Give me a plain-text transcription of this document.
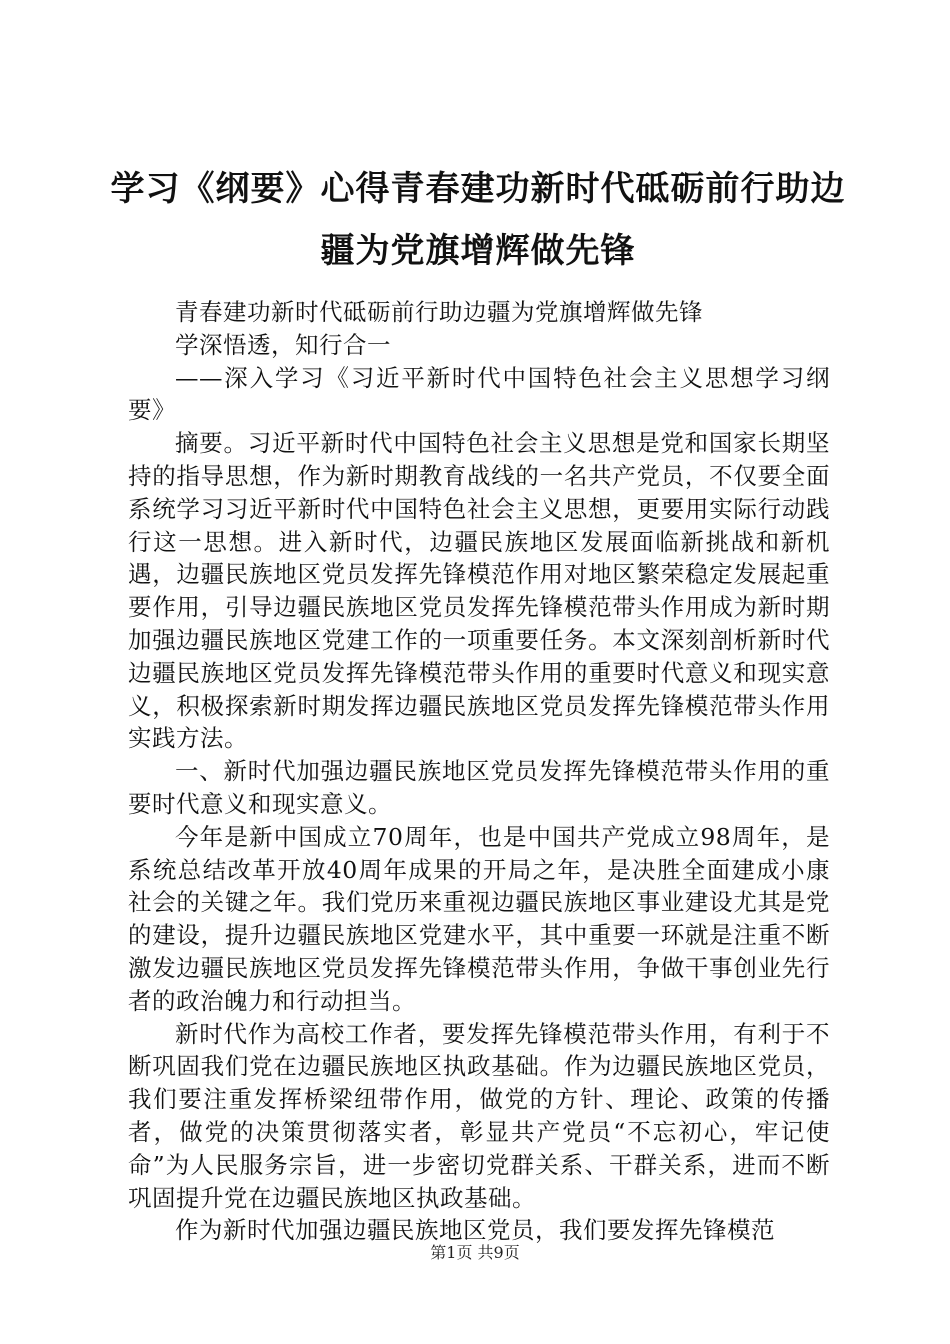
学习《纲要》心得青春建功新时代砥砺前行助边疆为党旗增辉做先锋

青春建功新时代砥砺前行助边疆为党旗增辉做先锋

学深悟透，知行合一

——深入学习《习近平新时代中国特色社会主义思想学习纲要》

摘要。习近平新时代中国特色社会主义思想是党和国家长期坚持的指导思想，作为新时期教育战线的一名共产党员，不仅要全面系统学习习近平新时代中国特色社会主义思想，更要用实际行动践行这一思想。进入新时代，边疆民族地区发展面临新挑战和新机遇，边疆民族地区党员发挥先锋模范作用对地区繁荣稳定发展起重要作用，引导边疆民族地区党员发挥先锋模范带头作用成为新时期加强边疆民族地区党建工作的一项重要任务。本文深刻剖析新时代边疆民族地区党员发挥先锋模范带头作用的重要时代意义和现实意义，积极探索新时期发挥边疆民族地区党员发挥先锋模范带头作用实践方法。

一、新时代加强边疆民族地区党员发挥先锋模范带头作用的重要时代意义和现实意义。

今年是新中国成立70周年，也是中国共产党成立98周年，是系统总结改革开放40周年成果的开局之年，是决胜全面建成小康社会的关键之年。我们党历来重视边疆民族地区事业建设尤其是党的建设，提升边疆民族地区党建水平，其中重要一环就是注重不断激发边疆民族地区党员发挥先锋模范带头作用，争做干事创业先行者的政治魄力和行动担当。

新时代作为高校工作者，要发挥先锋模范带头作用，有利于不断巩固我们党在边疆民族地区执政基础。作为边疆民族地区党员，我们要注重发挥桥梁纽带作用，做党的方针、理论、政策的传播者，做党的决策贯彻落实者，彰显共产党员“不忘初心，牢记使命”为人民服务宗旨，进一步密切党群关系、干群关系，进而不断巩固提升党在边疆民族地区执政基础。

作为新时代加强边疆民族地区党员，我们要发挥先锋模范

第1页 共9页
